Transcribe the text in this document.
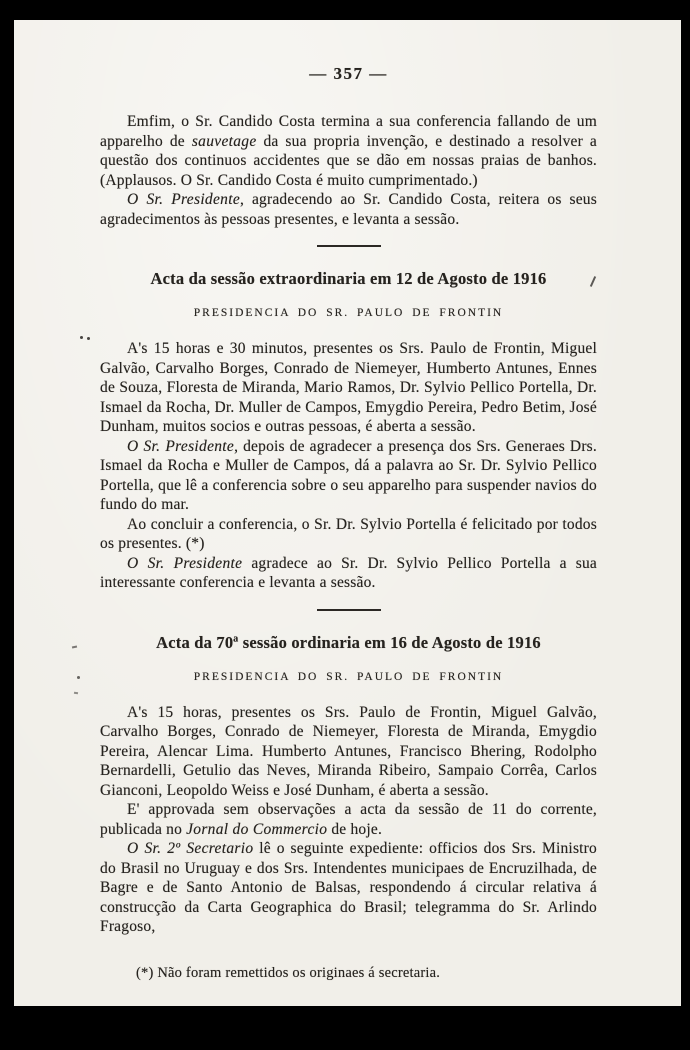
— 357 —

Emfim, o Sr. Candido Costa termina a sua conferencia fallando de um apparelho de sauvetage da sua propria invenção, e destinado a resolver a questão dos continuos accidentes que se dão em nossas praias de banhos. (Applausos. O Sr. Candido Costa é muito cumprimentado.)

O Sr. Presidente, agradecendo ao Sr. Candido Costa, reitera os seus agradecimentos às pessoas presentes, e levanta a sessão.

Acta da sessão extraordinaria em 12 de Agosto de 1916
PRESIDENCIA DO SR. PAULO DE FRONTIN

A's 15 horas e 30 minutos, presentes os Srs. Paulo de Frontin, Miguel Galvão, Carvalho Borges, Conrado de Niemeyer, Humberto Antunes, Ennes de Souza, Floresta de Miranda, Mario Ramos, Dr. Sylvio Pellico Portella, Dr. Ismael da Rocha, Dr. Muller de Campos, Emygdio Pereira, Pedro Betim, José Dunham, muitos socios e outras pessoas, é aberta a sessão.

O Sr. Presidente, depois de agradecer a presença dos Srs. Generaes Drs. Ismael da Rocha e Muller de Campos, dá a palavra ao Sr. Dr. Sylvio Pellico Portella, que lê a conferencia sobre o seu apparelho para suspender navios do fundo do mar.

Ao concluir a conferencia, o Sr. Dr. Sylvio Portella é felicitado por todos os presentes. (*)

O Sr. Presidente agradece ao Sr. Dr. Sylvio Pellico Portella a sua interessante conferencia e levanta a sessão.

Acta da 70ª sessão ordinaria em 16 de Agosto de 1916
PRESIDENCIA DO SR. PAULO DE FRONTIN

A's 15 horas, presentes os Srs. Paulo de Frontin, Miguel Galvão, Carvalho Borges, Conrado de Niemeyer, Floresta de Miranda, Emygdio Pereira, Alencar Lima. Humberto Antunes, Francisco Bhering, Rodolpho Bernardelli, Getulio das Neves, Miranda Ribeiro, Sampaio Corrêa, Carlos Gianconi, Leopoldo Weiss e José Dunham, é aberta a sessão.

E' approvada sem observações a acta da sessão de 11 do corrente, publicada no Jornal do Commercio de hoje.

O Sr. 2º Secretario lê o seguinte expediente: officios dos Srs. Ministro do Brasil no Uruguay e dos Srs. Intendentes municipaes de Encruzilhada, de Bagre e de Santo Antonio de Balsas, respondendo á circular relativa á construcção da Carta Geographica do Brasil; telegramma do Sr. Arlindo Fragoso,

(*) Não foram remettidos os originaes á secretaria.
